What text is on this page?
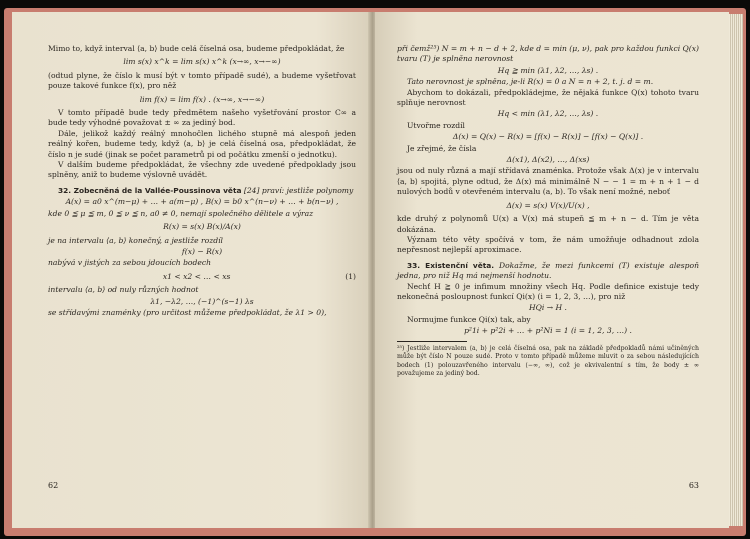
Mimo to, když interval ⟨a, b⟩ bude celá číselná osa, budeme předpokládat, že

lim s(x) x^k = lim s(x) x^k (x→∞, x→−∞)

(odtud plyne, že číslo k musí být v tomto případě sudé), a budeme vyšetřovat pouze takové funkce f(x), pro něž

lim f(x) = lim f(x) . (x→∞, x→−∞)

V tomto případě bude tedy předmětem našeho vyšetřování prostor C∞ a bude tedy výhodné považovat ± ∞ za jediný bod.

Dále, jelikož každý reálný mnohočlen lichého stupně má alespoň jeden reálný kořen, budeme tedy, když ⟨a, b⟩ je celá číselná osa, předpokládat, že číslo n je sudé (jinak se počet parametrů pi od počátku zmenší o jednotku).

V dalším budeme předpokládat, že všechny zde uvedené předpoklady jsou splněny, aniž to budeme výslovně uvádět.

32. Zobecněná de la Vallée-Poussinova věta [24] praví: jestliže polynomy

A(x) = a0 x^(m−μ) + … + a(m−μ) , B(x) = b0 x^(n−ν) + … + b(n−ν) ,

kde 0 ≦ μ ≦ m, 0 ≦ ν ≦ n, a0 ≠ 0, nemají společného dělitele a výraz

R(x) = s(x) B(x)/A(x)

je na intervalu ⟨a, b⟩ konečný, a jestliže rozdíl

f(x) − R(x)

nabývá v jistých za sebou jdoucích bodech

x1 < x2 < … < xs	(1)

intervalu ⟨a, b⟩ od nuly různých hodnot

λ1, −λ2, …, (−1)^(s−1) λs

se střídavými znaménky (pro určitost můžeme předpokládat, že λ1 > 0),

62

při čemž²⁵) N = m + n − d + 2, kde d = min (μ, ν), pak pro každou funkci Q(x) tvaru (T) je splněna nerovnost

Hq ≧ min (λ1, λ2, …, λs) .

Tato nerovnost je splněna, je-li R(x) = 0 a N = n + 2, t. j. d = m.

Abychom to dokázali, předpokládejme, že nějaká funkce Q(x) tohoto tvaru splňuje nerovnost

Hq < min (λ1, λ2, …, λs) .

Utvořme rozdíl

Δ(x) = Q(x) − R(x) = [f(x) − R(x)] − [f(x) − Q(x)] .

Je zřejmé, že čísla

Δ(x1), Δ(x2), …, Δ(xs)

jsou od nuly různá a mají střídavá znaménka. Protože však Δ(x) je v intervalu ⟨a, b⟩ spojitá, plyne odtud, že Δ(x) má minimálně N − − 1 = m + n + 1 − d nulových bodů v otevřeném intervalu (a, b). To však není možné, neboť

Δ(x) = s(x) V(x)/U(x) ,

kde druhý z polynomů U(x) a V(x) má stupeň ≦ m + n − d. Tím je věta dokázána.

Význam této věty spočívá v tom, že nám umožňuje odhadnout zdola nepřesnost nejlepší aproximace.

33. Existenční věta. Dokažme, že mezi funkcemi (T) existuje alespoň jedna, pro niž Hq má nejmenší hodnotu.

Nechť H ≧ 0 je infimum množiny všech Hq. Podle definice existuje tedy nekonečná posloupnost funkcí Qi(x) (i = 1, 2, 3, …), pro niž

HQi → H .

Normujme funkce Qi(x) tak, aby

p²1i + p²2i + … + p²Ni = 1 (i = 1, 2, 3, …) .

²⁵) Jestliže intervalem ⟨a, b⟩ je celá číselná osa, pak na základě předpokladů námi učiněných může být číslo N pouze sudé. Proto v tomto případě můžeme mluvit o za sebou následujících bodech (1) polouzavřeného intervalu ⟨−∞, ∞), což je ekvivalentní s tím, že body ± ∞ považujeme za jediný bod.

63
